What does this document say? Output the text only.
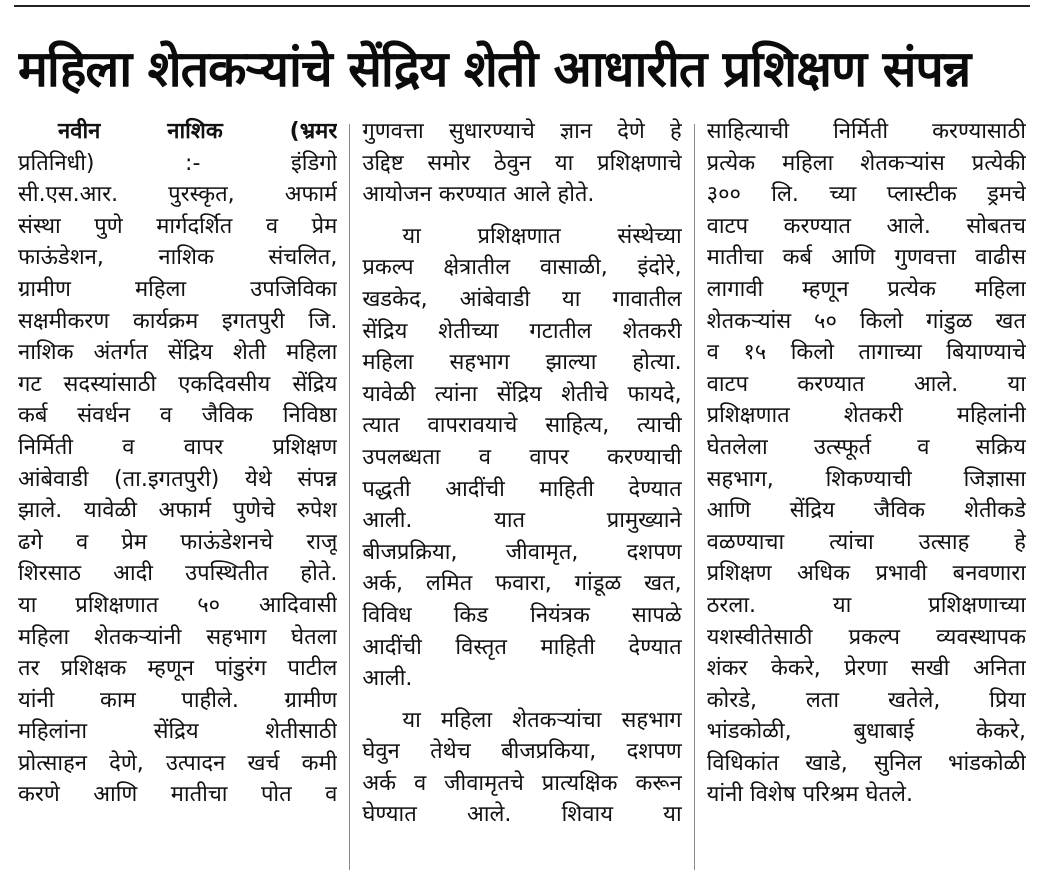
महिला शेतकऱ्यांचे सेंद्रिय शेती आधारीत प्रशिक्षण संपन्न
नवीन नाशिक (भ्रमर
प्रतिनिधी) :- इंडिगो
सी.एस.आर. पुरस्कृत, अफार्म
संस्था पुणे मार्गदर्शित व प्रेम
फाऊंडेशन, नाशिक संचलित,
ग्रामीण महिला उपजिविका
सक्षमीकरण कार्यक्रम इगतपुरी जि.
नाशिक अंतर्गत सेंद्रिय शेती महिला
गट सदस्यांसाठी एकदिवसीय सेंद्रिय
कर्ब संवर्धन व जैविक निविष्ठा
निर्मिती व वापर प्रशिक्षण
आंबेवाडी (ता.इगतपुरी) येथे संपन्न
झाले. यावेळी अफार्म पुणेचे रुपेश
ढगे व प्रेम फाऊंडेशनचे राजू
शिरसाठ आदी उपस्थितीत होते.
या प्रशिक्षणात ५० आदिवासी
महिला शेतकऱ्यांनी सहभाग घेतला
तर प्रशिक्षक म्हणून पांडुरंग पाटील
यांनी काम पाहीले. ग्रामीण
महिलांना सेंद्रिय शेतीसाठी
प्रोत्साहन देणे, उत्पादन खर्च कमी
करणे आणि मातीचा पोत व
गुणवत्ता सुधारण्याचे ज्ञान देणे हे
उद्दिष्ट समोर ठेवुन या प्रशिक्षणाचे
आयोजन करण्यात आले होते.
या प्रशिक्षणात संस्थेच्या
प्रकल्प क्षेत्रातील वासाळी, इंदोरे,
खडकेद, आंबेवाडी या गावातील
सेंद्रिय शेतीच्या गटातील शेतकरी
महिला सहभाग झाल्या होत्या.
यावेळी त्यांना सेंद्रिय शेतीचे फायदे,
त्यात वापरावयाचे साहित्य, त्याची
उपलब्धता व वापर करण्याची
पद्धती आदींची माहिती देण्यात
आली. यात प्रामुख्याने
बीजप्रक्रिया, जीवामृत, दशपण
अर्क, लमित फवारा, गांडूळ खत,
विविध किड नियंत्रक सापळे
आदींची विस्तृत माहिती देण्यात
आली.
या महिला शेतकऱ्यांचा सहभाग
घेवुन तेथेच बीजप्रकिया, दशपण
अर्क व जीवामृतचे प्रात्यक्षिक करून
घेण्यात आले. शिवाय या
साहित्याची निर्मिती करण्यासाठी
प्रत्येक महिला शेतकऱ्यांस प्रत्येकी
३०० लि. च्या प्लास्टीक ड्रमचे
वाटप करण्यात आले. सोबतच
मातीचा कर्ब आणि गुणवत्ता वाढीस
लागावी म्हणून प्रत्येक महिला
शेतकऱ्यांस ५० किलो गांडुळ खत
व १५ किलो तागाच्या बियाण्याचे
वाटप करण्यात आले. या
प्रशिक्षणात शेतकरी महिलांनी
घेतलेला उत्स्फूर्त व सक्रिय
सहभाग, शिकण्याची जिज्ञासा
आणि सेंद्रिय जैविक शेतीकडे
वळण्याचा त्यांचा उत्साह हे
प्रशिक्षण अधिक प्रभावी बनवणारा
ठरला. या प्रशिक्षणाच्या
यशस्वीतेसाठी प्रकल्प व्यवस्थापक
शंकर केकरे, प्रेरणा सखी अनिता
कोरडे, लता खतेले, प्रिया
भांडकोळी, बुधाबाई केकरे,
विधिकांत खाडे, सुनिल भांडकोळी
यांनी विशेष परिश्रम घेतले.
